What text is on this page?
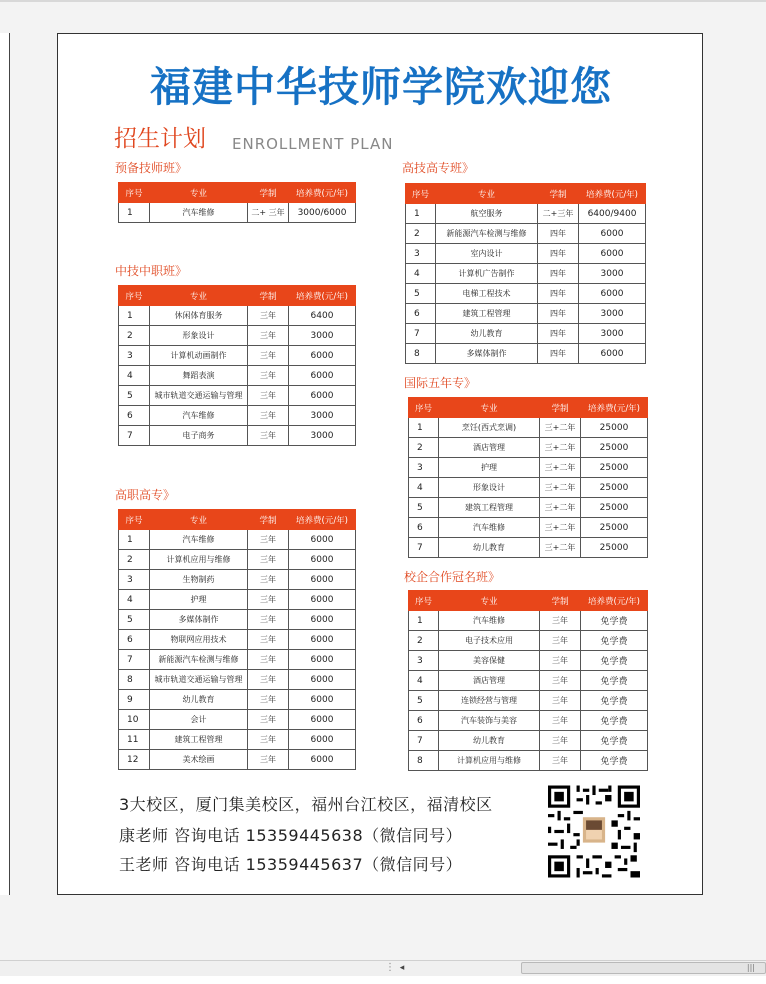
福建中华技师学院欢迎您
招生计划 ENROLLMENT PLAN
预备技师班》
序号	专业	学制	培养费(元/年)
1	汽车维修	二+ 三年	3000/6000
中技中职班》
序号	专业	学制	培养费(元/年)
1	休闲体育服务	三年	6400
2	形象设计	三年	3000
3	计算机动画制作	三年	6000
4	舞蹈表演	三年	6000
5	城市轨道交通运输与管理	三年	6000
6	汽车维修	三年	3000
7	电子商务	三年	3000
高职高专》
序号	专业	学制	培养费(元/年)
1	汽车维修	三年	6000
2	计算机应用与维修	三年	6000
3	生物制药	三年	6000
4	护理	三年	6000
5	多媒体制作	三年	6000
6	物联网应用技术	三年	6000
7	新能源汽车检测与维修	三年	6000
8	城市轨道交通运输与管理	三年	6000
9	幼儿教育	三年	6000
10	会计	三年	6000
11	建筑工程管理	三年	6000
12	美术绘画	三年	6000
高技高专班》
序号	专业	学制	培养费(元/年)
1	航空服务	二+三年	6400/9400
2	新能源汽车检测与维修	四年	6000
3	室内设计	四年	6000
4	计算机广告制作	四年	3000
5	电梯工程技术	四年	6000
6	建筑工程管理	四年	3000
7	幼儿教育	四年	3000
8	多媒体制作	四年	6000
国际五年专》
序号	专业	学制	培养费(元/年)
1	烹饪(西式烹调)	三+二年	25000
2	酒店管理	三+二年	25000
3	护理	三+二年	25000
4	形象设计	三+二年	25000
5	建筑工程管理	三+二年	25000
6	汽车维修	三+二年	25000
7	幼儿教育	三+二年	25000
校企合作冠名班》
序号	专业	学制	培养费(元/年)
1	汽车维修	三年	免学费
2	电子技术应用	三年	免学费
3	美容保健	三年	免学费
4	酒店管理	三年	免学费
5	连锁经营与管理	三年	免学费
6	汽车装饰与美容	三年	免学费
7	幼儿教育	三年	免学费
8	计算机应用与维修	三年	免学费
3大校区，厦门集美校区，福州台江校区，福清校区
康老师 咨询电话 15359445638（微信同号）
王老师 咨询电话 15359445637（微信同号）
⋮ ◂	|||
